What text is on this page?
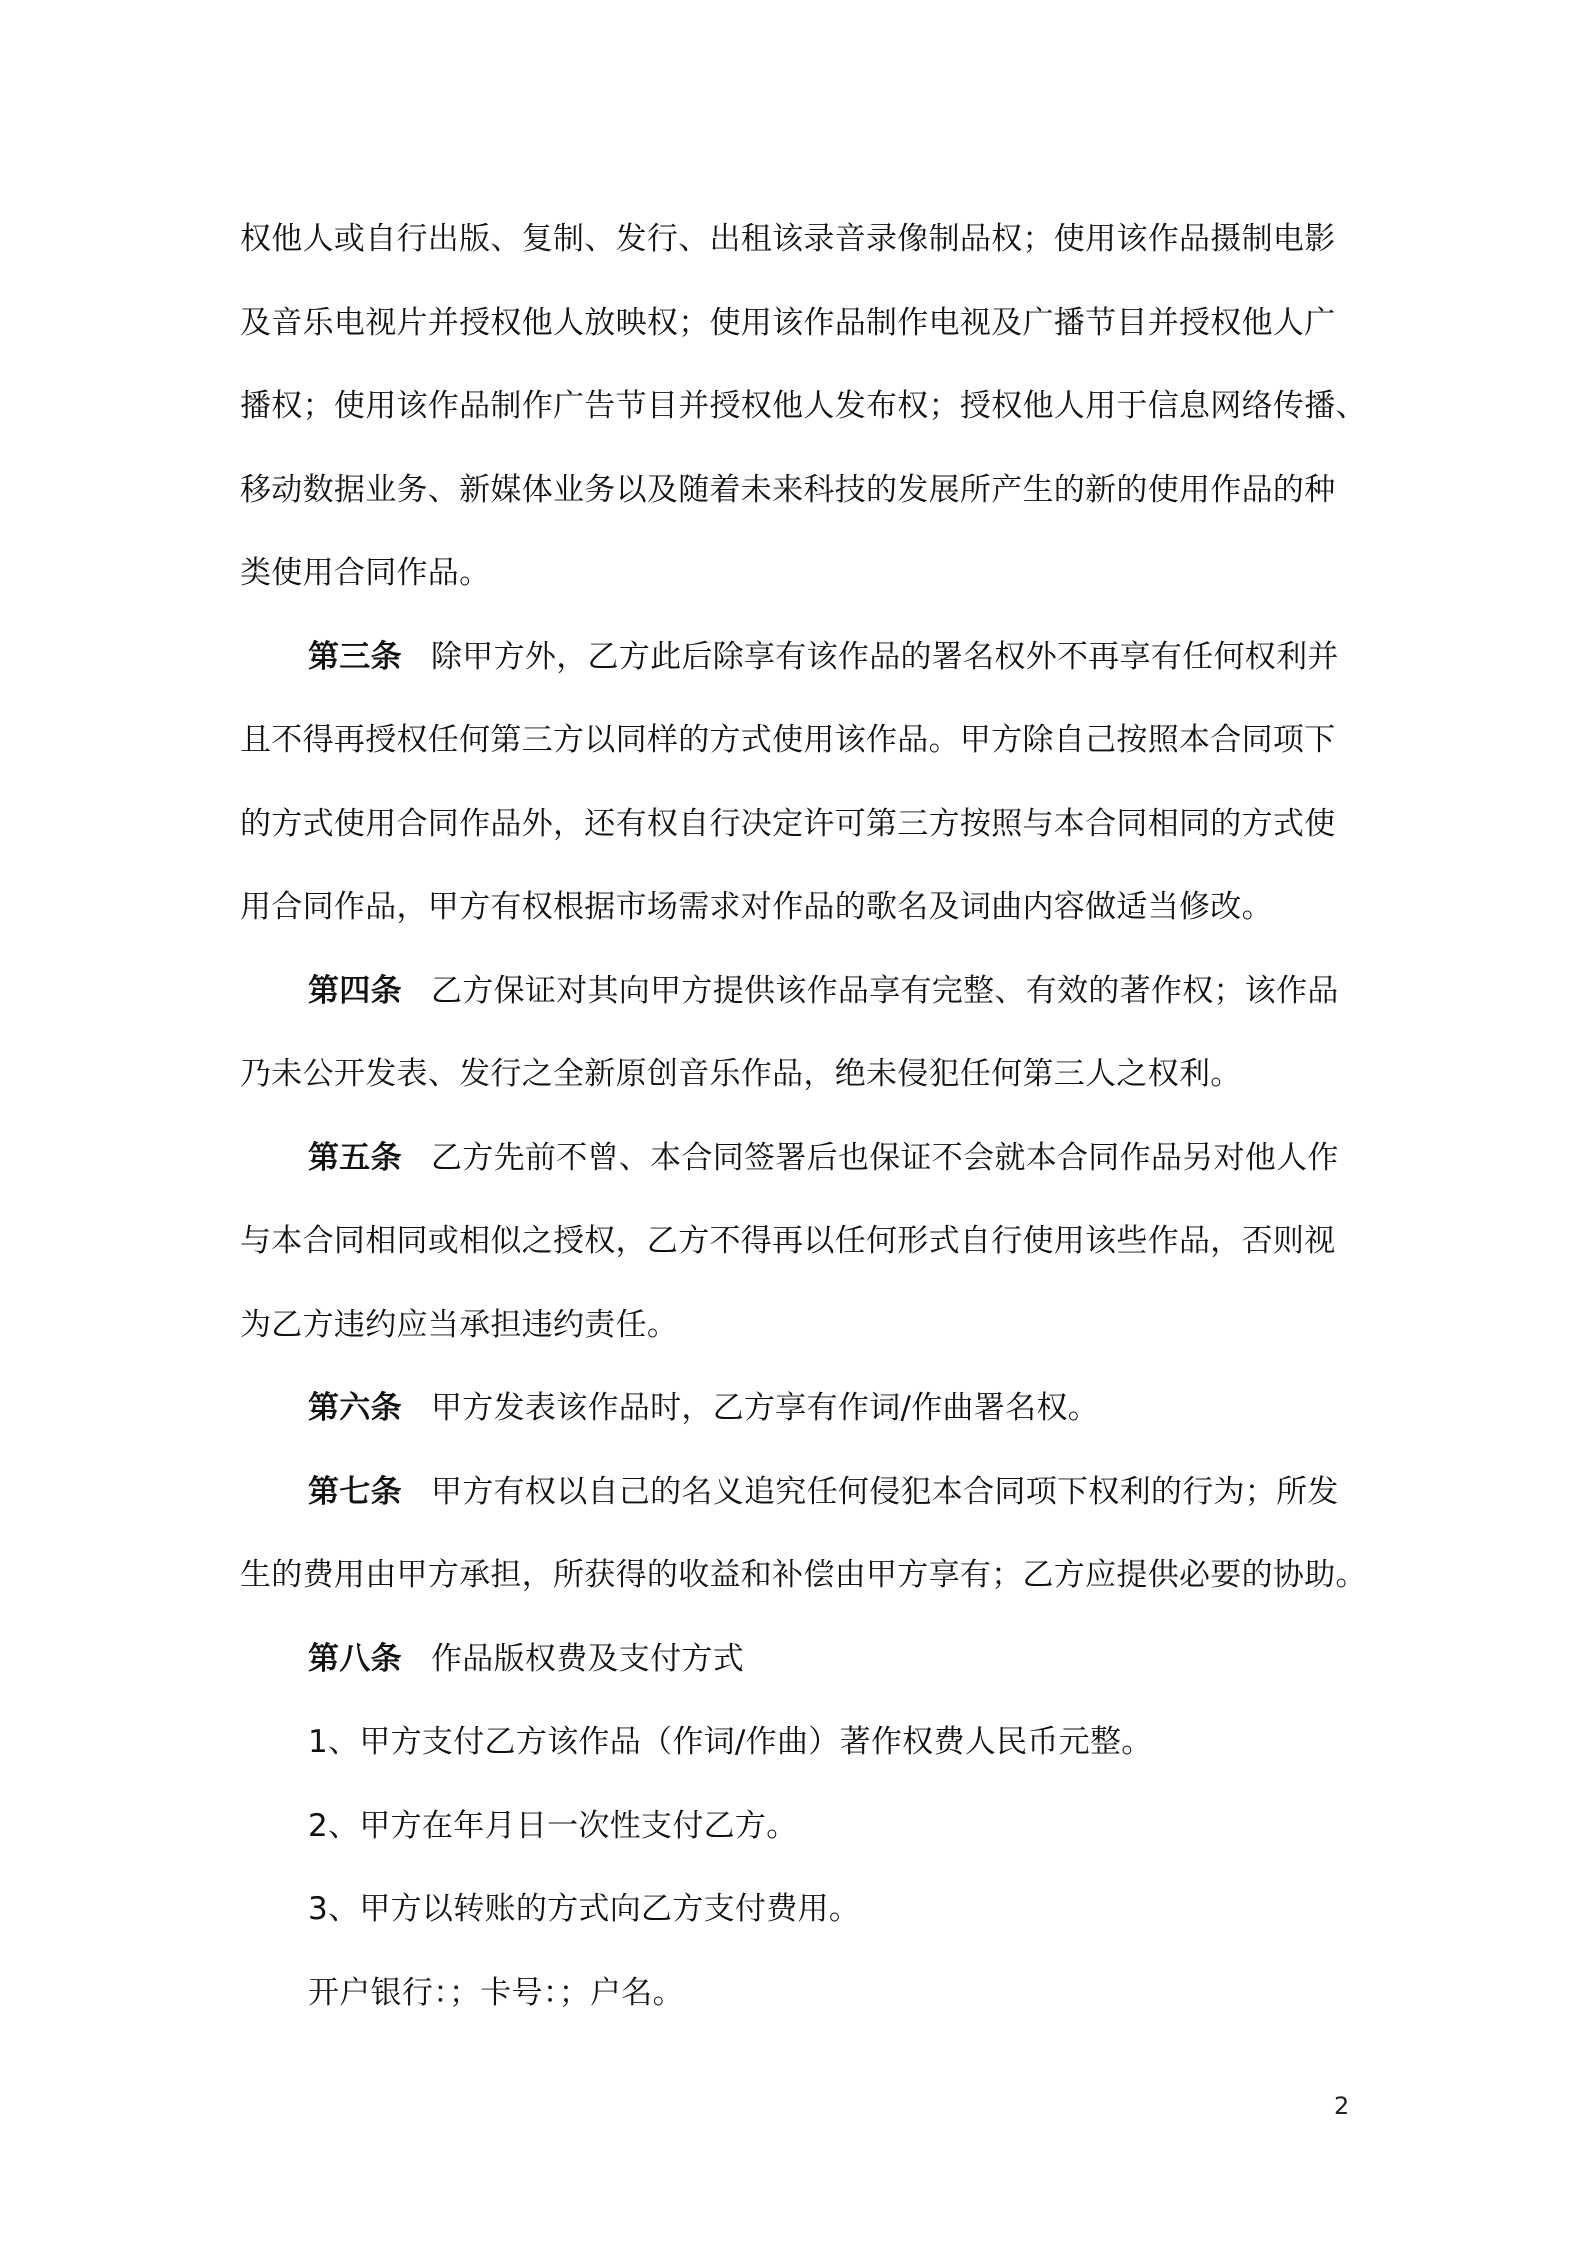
权他人或自行出版、复制、发行、出租该录音录像制品权；使用该作品摄制电影
及音乐电视片并授权他人放映权；使用该作品制作电视及广播节目并授权他人广
播权；使用该作品制作广告节目并授权他人发布权；授权他人用于信息网络传播、
移动数据业务、新媒体业务以及随着未来科技的发展所产生的新的使用作品的种
类使用合同作品。
第三条 除甲方外，乙方此后除享有该作品的署名权外不再享有任何权利并
且不得再授权任何第三方以同样的方式使用该作品。甲方除自己按照本合同项下
的方式使用合同作品外，还有权自行决定许可第三方按照与本合同相同的方式使
用合同作品，甲方有权根据市场需求对作品的歌名及词曲内容做适当修改。
第四条 乙方保证对其向甲方提供该作品享有完整、有效的著作权；该作品
乃未公开发表、发行之全新原创音乐作品，绝未侵犯任何第三人之权利。
第五条 乙方先前不曾、本合同签署后也保证不会就本合同作品另对他人作
与本合同相同或相似之授权，乙方不得再以任何形式自行使用该些作品，否则视
为乙方违约应当承担违约责任。
第六条 甲方发表该作品时，乙方享有作词/作曲署名权。
第七条 甲方有权以自己的名义追究任何侵犯本合同项下权利的行为；所发
生的费用由甲方承担，所获得的收益和补偿由甲方享有；乙方应提供必要的协助。
第八条 作品版权费及支付方式
1、甲方支付乙方该作品（作词/作曲）著作权费人民币元整。
2、甲方在年月日一次性支付乙方。
3、甲方以转账的方式向乙方支付费用。
开户银行：；卡号：；户名。
2
